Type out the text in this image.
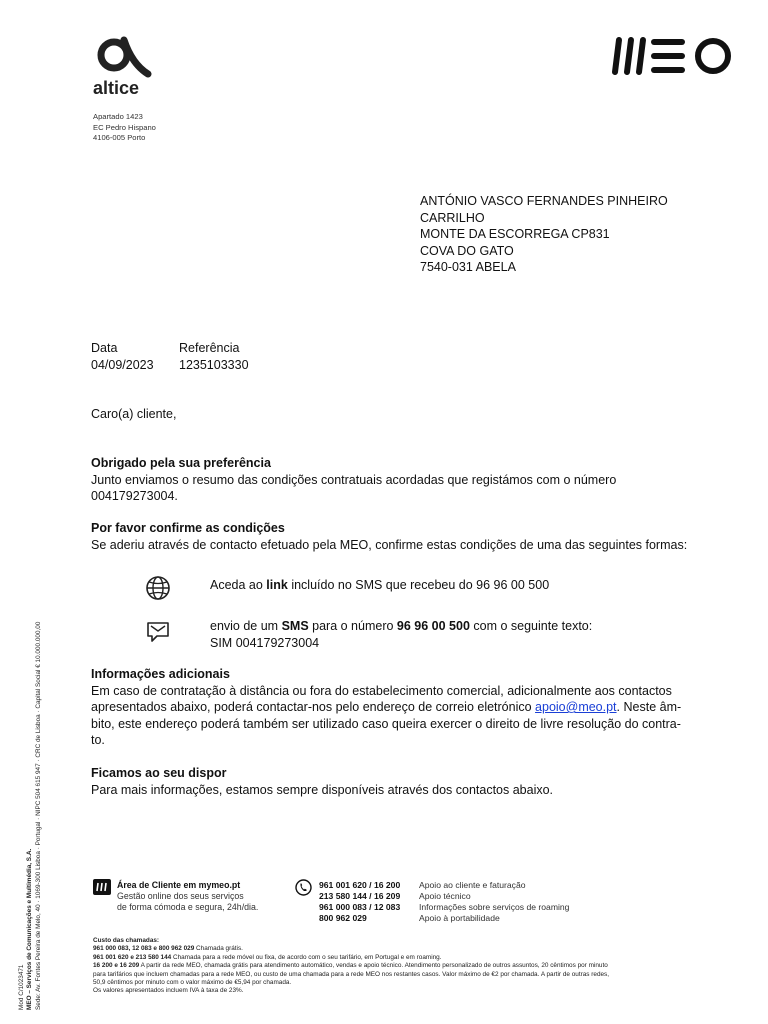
altice
Apartado 1423
EC Pedro Hispano
4106-005 Porto
ANTÓNIO VASCO FERNANDES PINHEIRO
CARRILHO
MONTE DA ESCORREGA CP831
COVA DO GATO
7540-031 ABELA
Data
04/09/2023
Referência
1235103330
Caro(a) cliente,
Obrigado pela sua preferência
Junto enviamos o resumo das condições contratuais acordadas que registámos com o número
004179273004.
Por favor confirme as condições
Se aderiu através de contacto efetuado pela MEO, confirme estas condições de uma das seguintes formas:
Aceda ao link incluído no SMS que recebeu do 96 96 00 500
envio de um SMS para o número 96 96 00 500 com o seguinte texto:
SIM 004179273004
Informações adicionais
Em caso de contratação à distância ou fora do estabelecimento comercial, adicionalmente aos contactos
apresentados abaixo, poderá contactar-nos pelo endereço de correio eletrónico apoio@meo.pt. Neste âm-
bito, este endereço poderá também ser utilizado caso queira exercer o direito de livre resolução do contra-
to.
Ficamos ao seu dispor
Para mais informações, estamos sempre disponíveis através dos contactos abaixo.
Área de Cliente em mymeo.pt
Gestão online dos seus serviços
de forma cómoda e segura, 24h/dia.
961 001 620 / 16 200	Apoio ao cliente e faturação
213 580 144 / 16 209	Apoio técnico
961 000 083 / 12 083	Informações sobre serviços de roaming
800 962 029	Apoio à portabilidade
Custo das chamadas:
961 000 083, 12 083 e 800 962 029 Chamada grátis.
961 001 620 e 213 580 144 Chamada para a rede móvel ou fixa, de acordo com o seu tarifário, em Portugal e em roaming.
16 200 e 16 209 A partir da rede MEO, chamada grátis para atendimento automático, vendas e apoio técnico. Atendimento personalizado de outros assuntos, 20 cêntimos por minuto
para tarifários que incluem chamadas para a rede MEO, ou custo de uma chamada para a rede MEO nos restantes casos. Valor máximo de €2 por chamada. A partir de outras redes,
50,9 cêntimos por minuto com o valor máximo de €5,94 por chamada.
Os valores apresentados incluem IVA à taxa de 23%.
Mod C/1023471 MEO – Serviços de Comunicações e Multimédia, S.A. Sede: Av. Fontes Pereira de Melo, 40 · 1069-300 Lisboa · Portugal · NIPC 504 615 947 · CRC de Lisboa · Capital Social € 10.000.000,00
